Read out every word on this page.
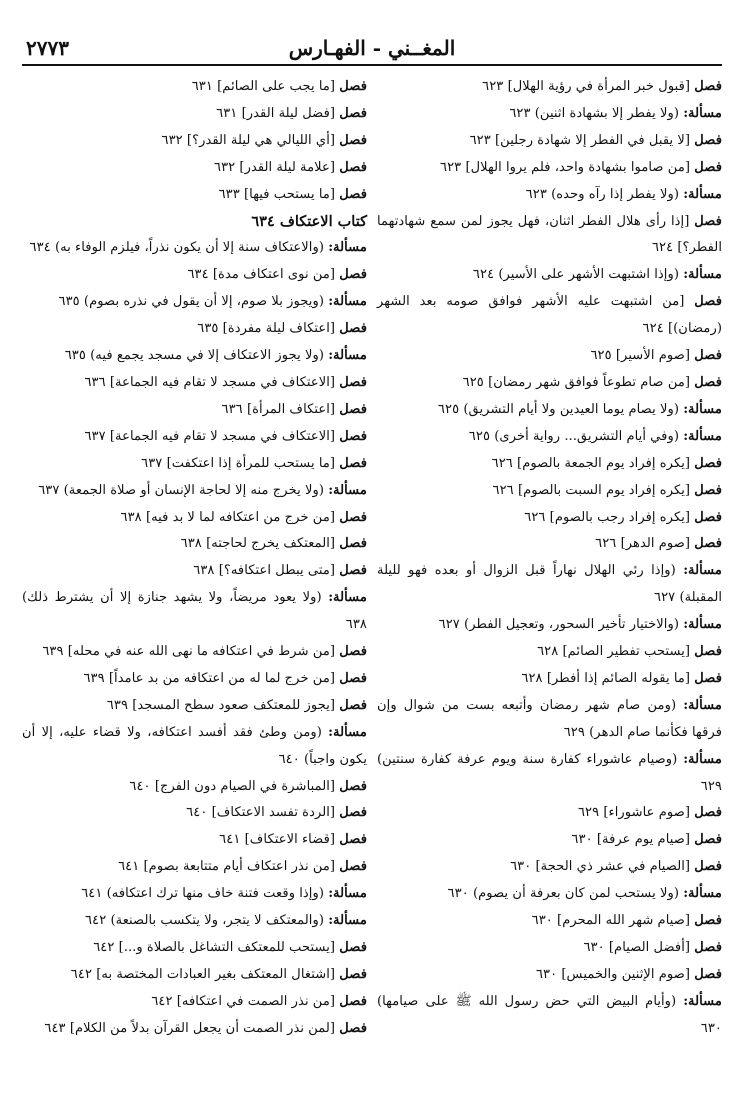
المغــني - الفهـارس
٢٧٧٣
فصل [قبول خبر المرأة في رؤية الهلال] ٦٢٣
مسألة: (ولا يفطر إلا بشهادة اثنين) ٦٢٣
فصل [لا يقبل في الفطر إلا شهادة رجلين] ٦٢٣
فصل [من صاموا بشهادة واحد، فلم يروا الهلال] ٦٢٣
مسألة: (ولا يفطر إذا رآه وحده) ٦٢٣
فصل [إذا رأى هلال الفطر اثنان، فهل يجوز لمن سمع شهادتهما الفطر؟] ٦٢٤
مسألة: (وإذا اشتبهت الأشهر على الأسير) ٦٢٤
فصل [من اشتبهت عليه الأشهر فوافق صومه بعد الشهر (رمضان)] ٦٢٤
فصل [صوم الأسير] ٦٢٥
فصل [من صام تطوعاً فوافق شهر رمضان] ٦٢٥
مسألة: (ولا يصام يوما العيدين ولا أيام التشريق) ٦٢٥
مسألة: (وفي أيام التشريق... رواية أخرى) ٦٢٥
فصل [يكره إفراد يوم الجمعة بالصوم] ٦٢٦
فصل [يكره إفراد يوم السبت بالصوم] ٦٢٦
فصل [يكره إفراد رجب بالصوم] ٦٢٦
فصل [صوم الدهر] ٦٢٦
مسألة: (وإذا رئي الهلال نهاراً قبل الزوال أو بعده فهو لليلة المقبلة) ٦٢٧
مسألة: (والاختيار تأخير السحور، وتعجيل الفطر) ٦٢٧
فصل [يستحب تفطير الصائم] ٦٢٨
فصل [ما يقوله الصائم إذا أفطر] ٦٢٨
مسألة: (ومن صام شهر رمضان وأتبعه بست من شوال وإن فرقها فكأنما صام الدهر) ٦٢٩
مسألة: (وصيام عاشوراء كفارة سنة ويوم عرفة كفارة سنتين) ٦٢٩
فصل [صوم عاشوراء] ٦٢٩
فصل [صيام يوم عرفة] ٦٣٠
فصل [الصيام في عشر ذي الحجة] ٦٣٠
مسألة: (ولا يستحب لمن كان بعرفة أن يصوم) ٦٣٠
فصل [صيام شهر الله المحرم] ٦٣٠
فصل [أفضل الصيام] ٦٣٠
فصل [صوم الإثنين والخميس] ٦٣٠
مسألة: (وأيام البيض التي حض رسول الله ﷺ على صيامها) ٦٣٠
فصل [ما يجب على الصائم] ٦٣١
فصل [فضل ليلة القدر] ٦٣١
فصل [أي الليالي هي ليلة القدر؟] ٦٣٢
فصل [علامة ليلة القدر] ٦٣٢
فصل [ما يستحب فيها] ٦٣٣
كتاب الاعتكاف ٦٣٤
مسألة: (والاعتكاف سنة إلا أن يكون نذراً، فيلزم الوفاء به) ٦٣٤
فصل [من نوى اعتكاف مدة] ٦٣٤
مسألة: (ويجوز بلا صوم، إلا أن يقول في نذره بصوم) ٦٣٥
فصل [اعتكاف ليلة مفردة] ٦٣٥
مسألة: (ولا يجوز الاعتكاف إلا في مسجد يجمع فيه) ٦٣٥
فصل [الاعتكاف في مسجد لا تقام فيه الجماعة] ٦٣٦
فصل [اعتكاف المرأة] ٦٣٦
فصل [الاعتكاف في مسجد لا تقام فيه الجماعة] ٦٣٧
فصل [ما يستحب للمرأة إذا اعتكفت] ٦٣٧
مسألة: (ولا يخرج منه إلا لحاجة الإنسان أو صلاة الجمعة) ٦٣٧
فصل [من خرج من اعتكافه لما لا بد فيه] ٦٣٨
فصل [المعتكف يخرج لحاجته] ٦٣٨
فصل [متى يبطل اعتكافه؟] ٦٣٨
مسألة: (ولا يعود مريضاً، ولا يشهد جنازة إلا أن يشترط ذلك) ٦٣٨
فصل [من شرط في اعتكافه ما نهى الله عنه في محله] ٦٣٩
فصل [من خرج لما له من اعتكافه من بد عامداً] ٦٣٩
فصل [يجوز للمعتكف صعود سطح المسجد] ٦٣٩
مسألة: (ومن وطئ فقد أفسد اعتكافه، ولا قضاء عليه، إلا أن يكون واجباً) ٦٤٠
فصل [المباشرة في الصيام دون الفرج] ٦٤٠
فصل [الردة تفسد الاعتكاف] ٦٤٠
فصل [قضاء الاعتكاف] ٦٤١
فصل [من نذر اعتكاف أيام متتابعة بصوم] ٦٤١
مسألة: (وإذا وقعت فتنة خاف منها ترك اعتكافه) ٦٤١
مسألة: (والمعتكف لا يتجر، ولا يتكسب بالصنعة) ٦٤٢
فصل [يستحب للمعتكف التشاغل بالصلاة و...] ٦٤٢
فصل [اشتغال المعتكف بغير العبادات المختصة به] ٦٤٢
فصل [من نذر الصمت في اعتكافه] ٦٤٢
فصل [لمن نذر الصمت أن يجعل القرآن بدلاً من الكلام] ٦٤٣
